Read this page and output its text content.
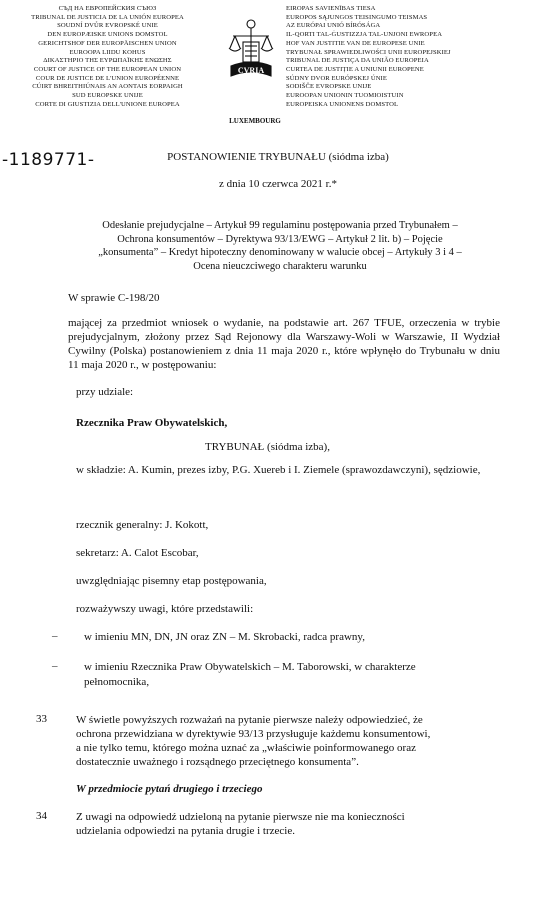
СЪД НА ЕВРОПЕЙСКИЯ СЪЮЗ
TRIBUNAL DE JUSTICIA DE LA UNIÓN EUROPEA
SOUDNÍ DVŮR EVROPSKÉ UNIE
DEN EUROPÆISKE UNIONS DOMSTOL
GERICHTSHOF DER EUROPÄISCHEN UNION
EUROOPA LIIDU KOHUS
ΔΙΚΑΣΤΗΡΙΟ ΤΗΣ ΕΥΡΩΠΑΪΚΗΣ ΕΝΩΣΗΣ
COURT OF JUSTICE OF THE EUROPEAN UNION
COUR DE JUSTICE DE L'UNION EUROPÉENNE
CÚIRT BHREITHIÚNAIS AN AONTAIS EORPAIGH
SUD EUROPSKE UNIJE
CORTE DI GIUSTIZIA DELL'UNIONE EUROPEA
CVRIA
LUXEMBOURG
EIROPAS SAVIENĪBAS TIESA
EUROPOS SĄJUNGOS TEISINGUMO TEISMAS
AZ EURÓPAI UNIÓ BÍRÓSÁGA
IL-QORTI TAL-ĠUSTIZZJA TAL-UNJONI EWROPEA
HOF VAN JUSTITIE VAN DE EUROPESE UNIE
TRYBUNAŁ SPRAWIEDLIWOŚCI UNII EUROPEJSKIEJ
TRIBUNAL DE JUSTIÇA DA UNIÃO EUROPEIA
CURTEA DE JUSTIȚIE A UNIUNII EUROPENE
SÚDNY DVOR EURÓPSKEJ ÚNIE
SODIŠČE EVROPSKE UNIJE
EUROOPAN UNIONIN TUOMIOISTUIN
EUROPEISKA UNIONENS DOMSTOL
-1189771-	POSTANOWIENIE TRYBUNAŁU (siódma izba)
z dnia 10 czerwca 2021 r.*
Odesłanie prejudycjalne – Artykuł 99 regulaminu postępowania przed Trybunałem – Ochrona konsumentów – Dyrektywa 93/13/EWG – Artykuł 2 lit. b) – Pojęcie „konsumenta” – Kredyt hipoteczny denominowany w walucie obcej – Artykuły 3 i 4 – Ocena nieuczciwego charakteru warunku
W sprawie C-198/20
mającej za przedmiot wniosek o wydanie, na podstawie art. 267 TFUE, orzeczenia w trybie prejudycjalnym, złożony przez Sąd Rejonowy dla Warszawy-Woli w Warszawie, II Wydział Cywilny (Polska) postanowieniem z dnia 11 maja 2020 r., które wpłynęło do Trybunału w dniu 11 maja 2020 r., w postępowaniu:
przy udziale:
Rzecznika Praw Obywatelskich,
TRYBUNAŁ (siódma izba),
w składzie: A. Kumin, prezes izby, P.G. Xuereb i I. Ziemele (sprawozdawczyni), sędziowie,
rzecznik generalny: J. Kokott,
sekretarz: A. Calot Escobar,
uwzględniając pisemny etap postępowania,
rozważywszy uwagi, które przedstawili:
– w imieniu MN, DN, JN oraz ZN – M. Skrobacki, radca prawny,
– w imieniu Rzecznika Praw Obywatelskich – M. Taborowski, w charakterze
pełnomocnika,
33	W świetle powyższych rozważań na pytanie pierwsze należy odpowiedzieć, że
ochrona przewidziana w dyrektywie 93/13 przysługuje każdemu konsumentowi,
a nie tylko temu, którego można uznać za „właściwie poinformowanego oraz
dostatecznie uważnego i rozsądnego przeciętnego konsumenta”.
W przedmiocie pytań drugiego i trzeciego
34	Z uwagi na odpowiedź udzieloną na pytanie pierwsze nie ma konieczności
udzielania odpowiedzi na pytania drugie i trzecie.
